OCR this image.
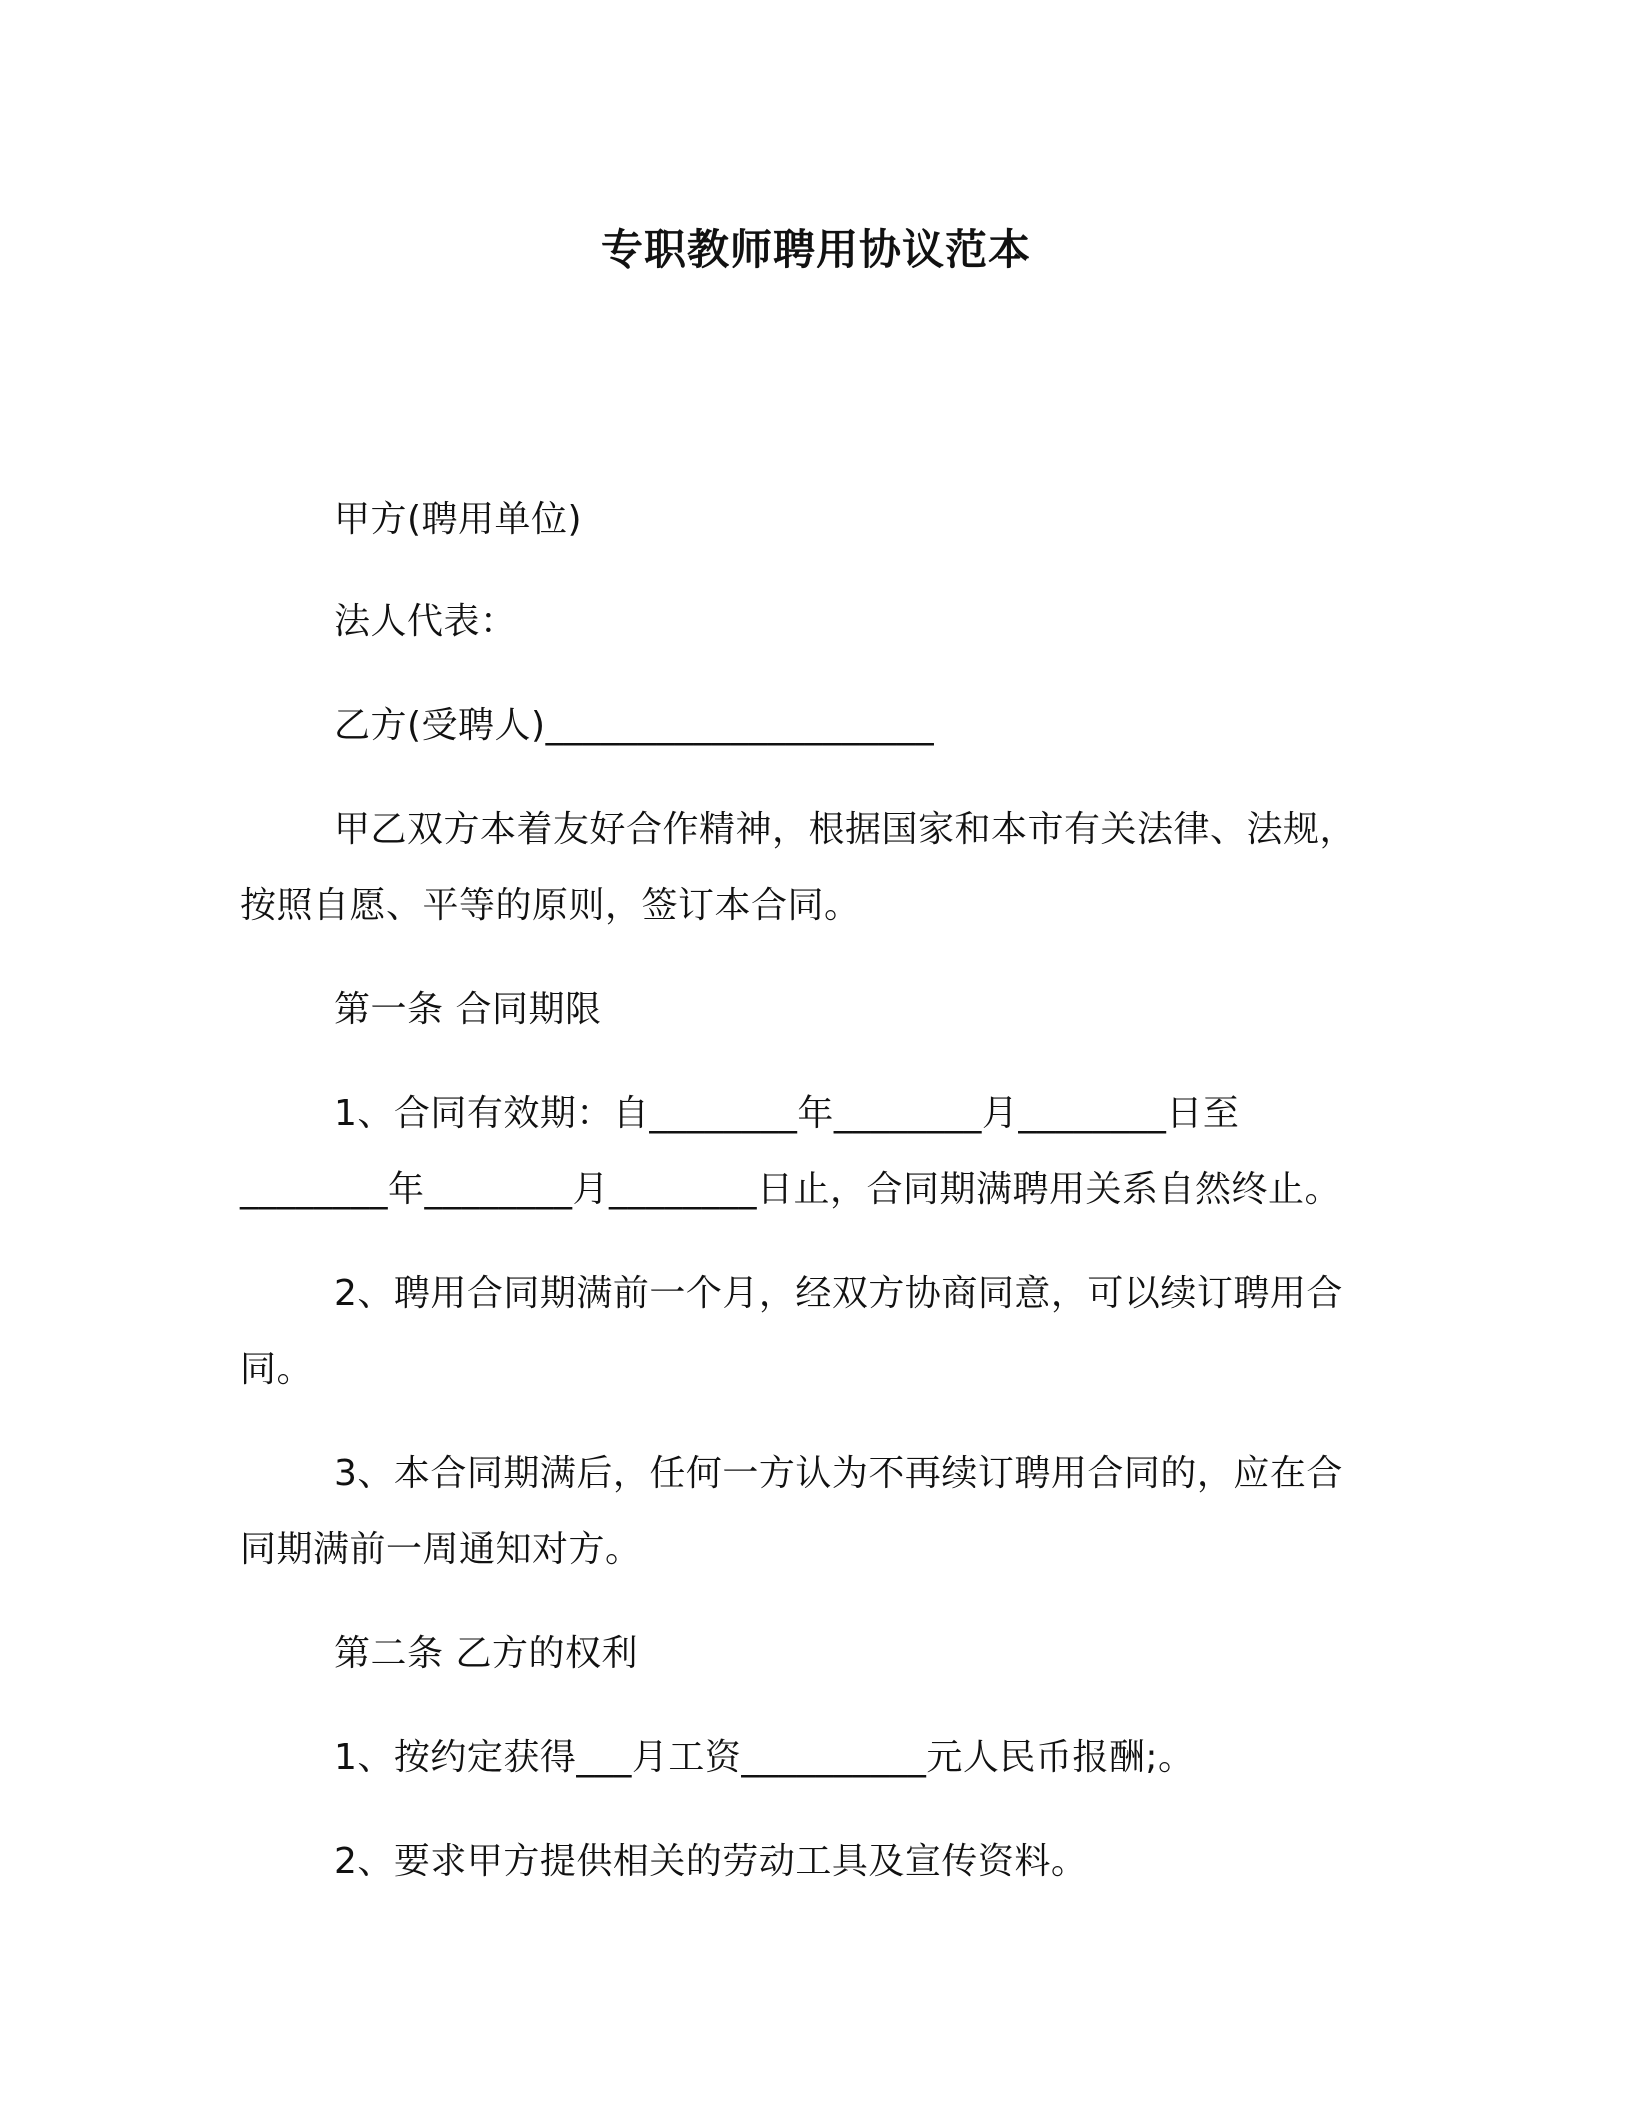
专职教师聘用协议范本
甲方(聘用单位)
法人代表：
乙方(受聘人)_____________________
甲乙双方本着友好合作精神，根据国家和本市有关法律、法规，
按照自愿、平等的原则，签订本合同。
第一条 合同期限
1、合同有效期：自________年________月________日至
________年________月________日止，合同期满聘用关系自然终止。
2、聘用合同期满前一个月，经双方协商同意，可以续订聘用合
同。
3、本合同期满后，任何一方认为不再续订聘用合同的，应在合
同期满前一周通知对方。
第二条 乙方的权利
1、按约定获得___月工资__________元人民币报酬;。
2、要求甲方提供相关的劳动工具及宣传资料。
